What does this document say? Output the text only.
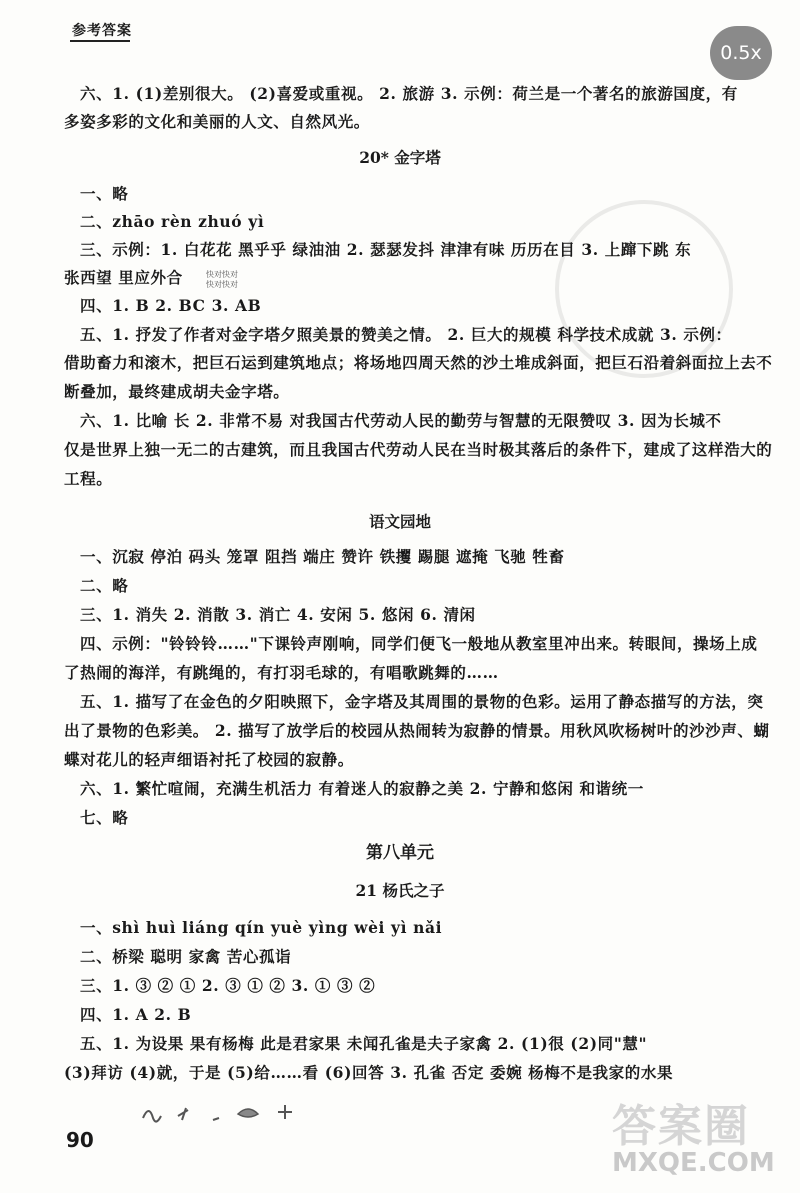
参考答案
0.5x
快对快对
快对快对
六、1. (1)差别很大。 (2)喜爱或重视。 2. 旅游 3. 示例：荷兰是一个著名的旅游国度，有
多姿多彩的文化和美丽的人文、自然风光。
20* 金字塔
一、略
二、zhāo rèn zhuó yì
三、示例：1. 白花花 黑乎乎 绿油油 2. 瑟瑟发抖 津津有味 历历在目 3. 上蹿下跳 东
张西望 里应外合
四、1. B 2. BC 3. AB
五、1. 抒发了作者对金字塔夕照美景的赞美之情。 2. 巨大的规模 科学技术成就 3. 示例：
借助畜力和滚木，把巨石运到建筑地点；将场地四周天然的沙土堆成斜面，把巨石沿着斜面拉上去不
断叠加，最终建成胡夫金字塔。
六、1. 比喻 长 2. 非常不易 对我国古代劳动人民的勤劳与智慧的无限赞叹 3. 因为长城不
仅是世界上独一无二的古建筑，而且我国古代劳动人民在当时极其落后的条件下，建成了这样浩大的
工程。
语文园地
一、沉寂 停泊 码头 笼罩 阻挡 端庄 赞许 铁攫 踢腿 遮掩 飞驰 牲畜
二、略
三、1. 消失 2. 消散 3. 消亡 4. 安闲 5. 悠闲 6. 清闲
四、示例："铃铃铃……"下课铃声刚响，同学们便飞一般地从教室里冲出来。转眼间，操场上成
了热闹的海洋，有跳绳的，有打羽毛球的，有唱歌跳舞的……
五、1. 描写了在金色的夕阳映照下，金字塔及其周围的景物的色彩。运用了静态描写的方法，突
出了景物的色彩美。 2. 描写了放学后的校园从热闹转为寂静的情景。用秋风吹杨树叶的沙沙声、蝴
蝶对花儿的轻声细语衬托了校园的寂静。
六、1. 繁忙喧闹，充满生机活力 有着迷人的寂静之美 2. 宁静和悠闲 和谐统一
七、略
第八单元
21 杨氏之子
一、shì huì liáng qín yuè yìng wèi yì nǎi
二、桥梁 聪明 家禽 苦心孤诣
三、1. ③ ② ① 2. ③ ① ② 3. ① ③ ②
四、1. A 2. B
五、1. 为设果 果有杨梅 此是君家果 未闻孔雀是夫子家禽 2. (1)很 (2)同"慧"
(3)拜访 (4)就，于是 (5)给……看 (6)回答 3. 孔雀 否定 委婉 杨梅不是我家的水果
90	答案圈
MXQE.COM
